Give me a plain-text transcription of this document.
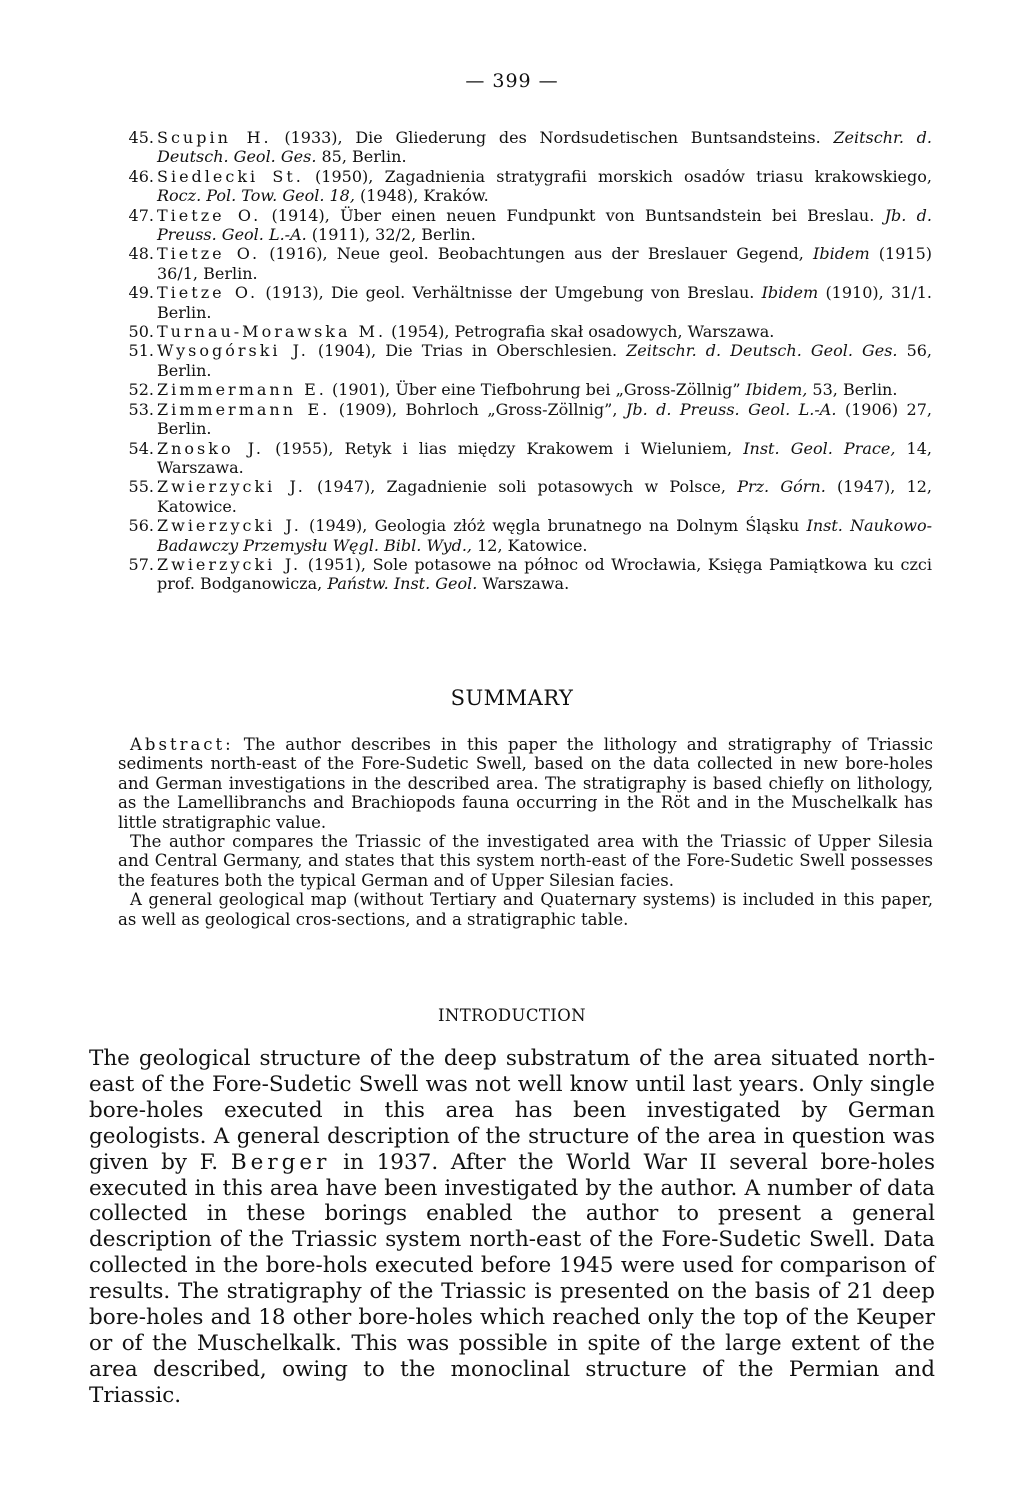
— 399 —
45. Scupin H. (1933), Die Gliederung des Nordsudetischen Buntsandsteins. Zeitschr. d. Deutsch. Geol. Ges. 85, Berlin.
46. Siedlecki St. (1950), Zagadnienia stratygrafii morskich osadów triasu krakowskiego, Rocz. Pol. Tow. Geol. 18, (1948), Kraków.
47. Tietze O. (1914), Über einen neuen Fundpunkt von Buntsandstein bei Breslau. Jb. d. Preuss. Geol. L.-A. (1911), 32/2, Berlin.
48. Tietze O. (1916), Neue geol. Beobachtungen aus der Breslauer Gegend, Ibidem (1915) 36/1, Berlin.
49. Tietze O. (1913), Die geol. Verhältnisse der Umgebung von Breslau. Ibidem (1910), 31/1. Berlin.
50. Turnau-Morawska M. (1954), Petrografia skał osadowych, Warszawa.
51. Wysogórski J. (1904), Die Trias in Oberschlesien. Zeitschr. d. Deutsch. Geol. Ges. 56, Berlin.
52. Zimmermann E. (1901), Über eine Tiefbohrung bei „Gross-Zöllnig” Ibidem, 53, Berlin.
53. Zimmermann E. (1909), Bohrloch „Gross-Zöllnig”, Jb. d. Preuss. Geol. L.-A. (1906) 27, Berlin.
54. Znosko J. (1955), Retyk i lias między Krakowem i Wieluniem, Inst. Geol. Prace, 14, Warszawa.
55. Zwierzycki J. (1947), Zagadnienie soli potasowych w Polsce, Prz. Górn. (1947), 12, Katowice.
56. Zwierzycki J. (1949), Geologia złóż węgla brunatnego na Dolnym Śląsku Inst. Naukowo-Badawczy Przemysłu Węgl. Bibl. Wyd., 12, Katowice.
57. Zwierzycki J. (1951), Sole potasowe na północ od Wrocławia, Księga Pamiątkowa ku czci prof. Bodganowicza, Państw. Inst. Geol. Warszawa.
SUMMARY

Abstract: The author describes in this paper the lithology and stratigraphy of Triassic sediments north-east of the Fore-Sudetic Swell, based on the data collected in new bore-holes and German investigations in the described area. The stratigraphy is based chiefly on lithology, as the Lamellibranchs and Brachiopods fauna occurring in the Röt and in the Muschelkalk has little stratigraphic value.

The author compares the Triassic of the investigated area with the Triassic of Upper Silesia and Central Germany, and states that this system north-east of the Fore-Sudetic Swell possesses the features both the typical German and of Upper Silesian facies.

A general geological map (without Tertiary and Quaternary systems) is included in this paper, as well as geological cros-sections, and a stratigraphic table.

INTRODUCTION

The geological structure of the deep substratum of the area situated north-east of the Fore-Sudetic Swell was not well know until last years. Only single bore-holes executed in this area has been investigated by German geologists. A general description of the structure of the area in question was given by F. Berger in 1937. After the World War II several bore-holes executed in this area have been investigated by the author. A number of data collected in these borings enabled the author to present a general description of the Triassic system north-east of the Fore-Sudetic Swell. Data collected in the bore-hols executed before 1945 were used for comparison of results. The stratigraphy of the Triassic is presented on the basis of 21 deep bore-holes and 18 other bore-holes which reached only the top of the Keuper or of the Muschelkalk. This was possible in spite of the large extent of the area described, owing to the monoclinal structure of the Permian and Triassic.
